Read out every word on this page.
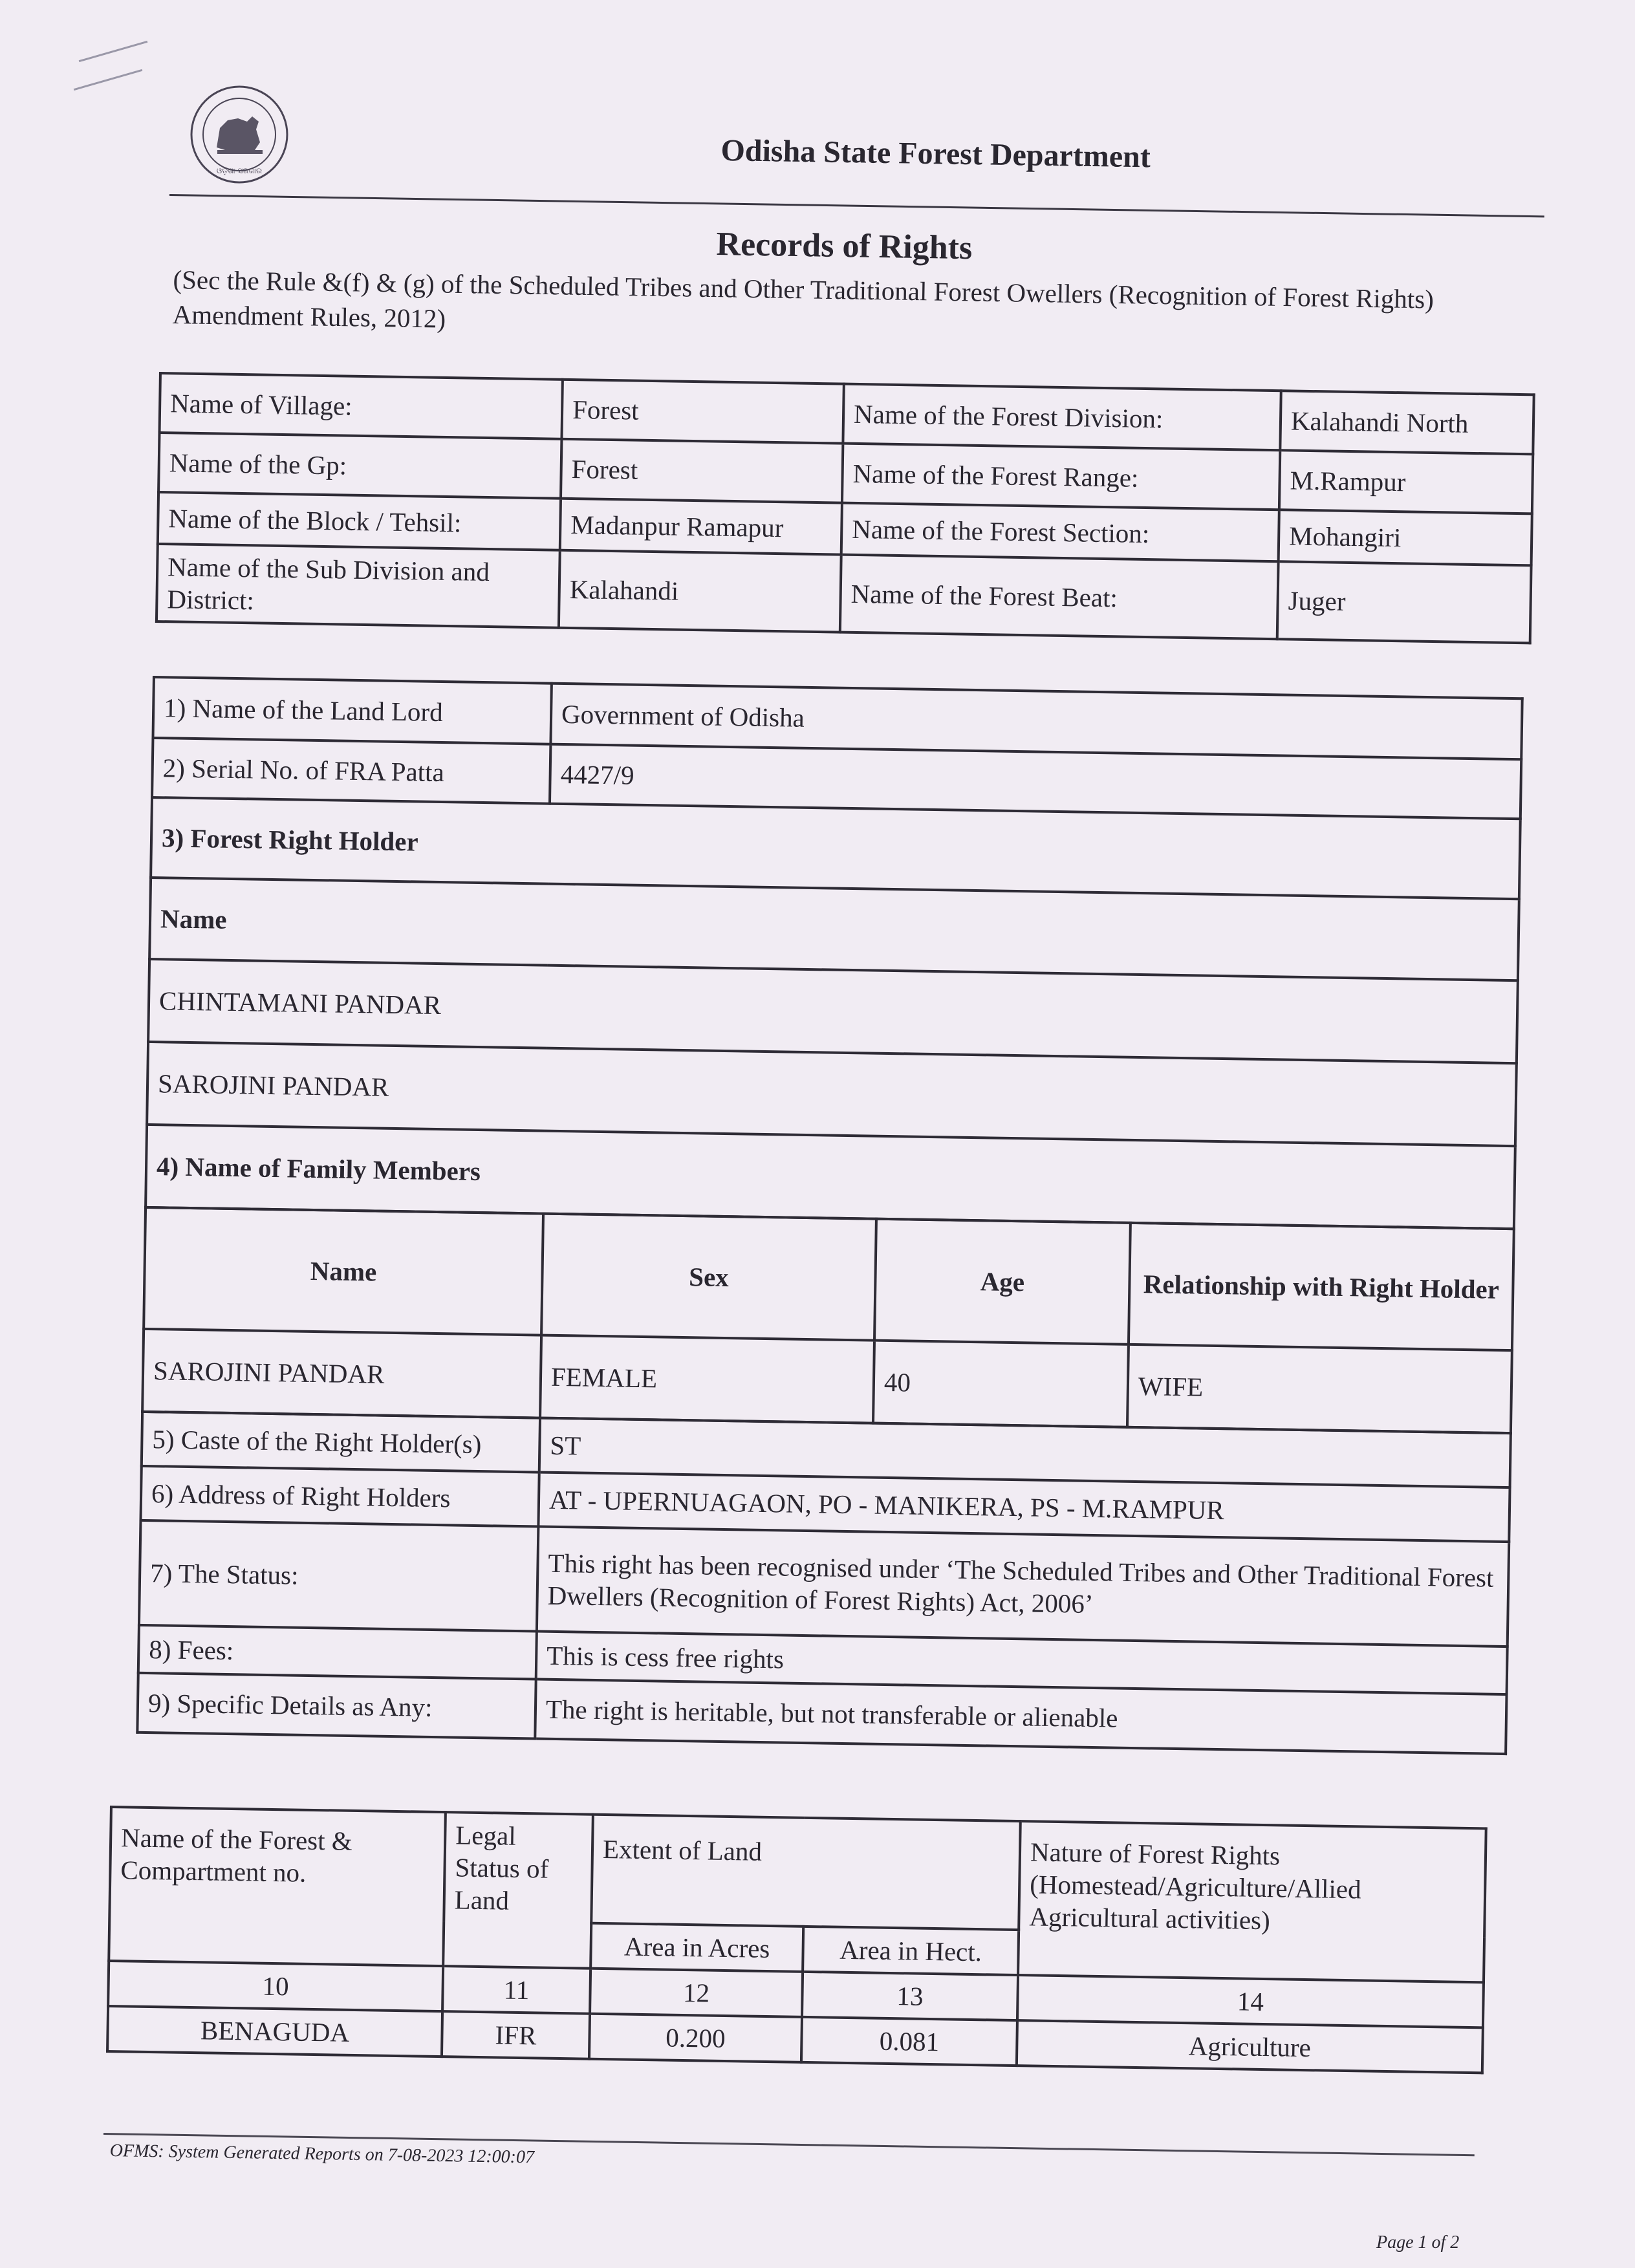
ଓଡ଼ିଶା ସରକାର	Odisha State Forest Department
Records of Rights
(Sec the Rule &(f) & (g) of the Scheduled Tribes and Other Traditional Forest Owellers (Recognition of Forest Rights) Amendment Rules, 2012)
Name of Village:	Forest	Name of the Forest Division:	Kalahandi North
Name of the Gp:	Forest	Name of the Forest Range:	M.Rampur
Name of the Block / Tehsil:	Madanpur Ramapur	Name of the Forest Section:	Mohangiri
Name of the Sub Division and District:	Kalahandi	Name of the Forest Beat:	Juger
1) Name of the Land Lord	Government of Odisha
2) Serial No. of FRA Patta	4427/9
3) Forest Right Holder	
Name	
CHINTAMANI PANDAR	
SAROJINI PANDAR	
4) Name of Family Members	
Name	Sex	Age	Relationship with Right Holder
SAROJINI PANDAR	FEMALE	40	WIFE
5) Caste of the Right Holder(s)	ST
6) Address of Right Holders	AT - UPERNUAGAON, PO - MANIKERA, PS - M.RAMPUR
7) The Status:	This right has been recognised under ‘The Scheduled Tribes and Other Traditional Forest Dwellers (Recognition of Forest Rights) Act, 2006’
8) Fees:	This is cess free rights
9) Specific Details as Any:	The right is heritable, but not transferable or alienable
Name of the Forest & Compartment no.	Legal Status of Land	Extent of Land		Nature of Forest Rights (Homestead/Agriculture/Allied Agricultural activities)
		Area in Acres	Area in Hect.	
10	11	12	13	14
BENAGUDA	IFR	0.200	0.081	Agriculture
OFMS: System Generated Reports on 7-08-2023 12:00:07
Page 1 of 2
